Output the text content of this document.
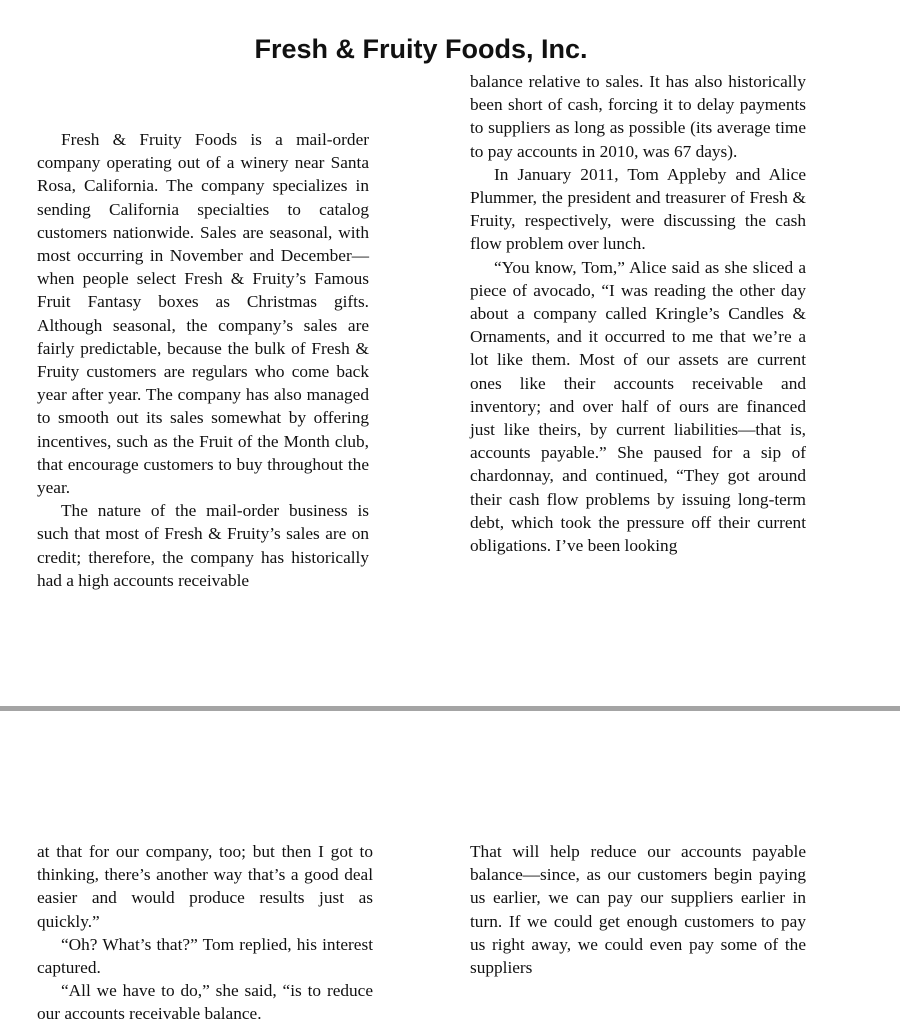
Fresh & Fruity Foods, Inc.

Fresh & Fruity Foods is a mail-order company operating out of a winery near Santa Rosa, California. The company specializes in sending California specialties to catalog customers nationwide. Sales are seasonal, with most occurring in November and December—when people select Fresh & Fruity’s Famous Fruit Fantasy boxes as Christmas gifts. Although seasonal, the company’s sales are fairly predictable, because the bulk of Fresh & Fruity customers are regulars who come back year after year. The company has also managed to smooth out its sales somewhat by offering incentives, such as the Fruit of the Month club, that encourage customers to buy throughout the year.

The nature of the mail-order business is such that most of Fresh & Fruity’s sales are on credit; therefore, the company has historically had a high accounts receivable

balance relative to sales. It has also historically been short of cash, forcing it to delay payments to suppliers as long as possible (its average time to pay accounts in 2010, was 67 days).

In January 2011, Tom Appleby and Alice Plummer, the president and treasurer of Fresh & Fruity, respectively, were discussing the cash flow problem over lunch.

“You know, Tom,” Alice said as she sliced a piece of avocado, “I was reading the other day about a company called Kringle’s Candles & Ornaments, and it occurred to me that we’re a lot like them. Most of our assets are current ones like their accounts receivable and inventory; and over half of ours are financed just like theirs, by current liabilities—that is, accounts payable.” She paused for a sip of chardonnay, and continued, “They got around their cash flow problems by issuing long-term debt, which took the pressure off their current obligations. I’ve been looking

at that for our company, too; but then I got to thinking, there’s another way that’s a good deal easier and would produce results just as quickly.”

“Oh? What’s that?” Tom replied, his interest captured.

“All we have to do,” she said, “is to reduce our accounts receivable balance.

That will help reduce our accounts payable balance—since, as our customers begin paying us earlier, we can pay our suppliers earlier in turn. If we could get enough customers to pay us right away, we could even pay some of the suppliers
